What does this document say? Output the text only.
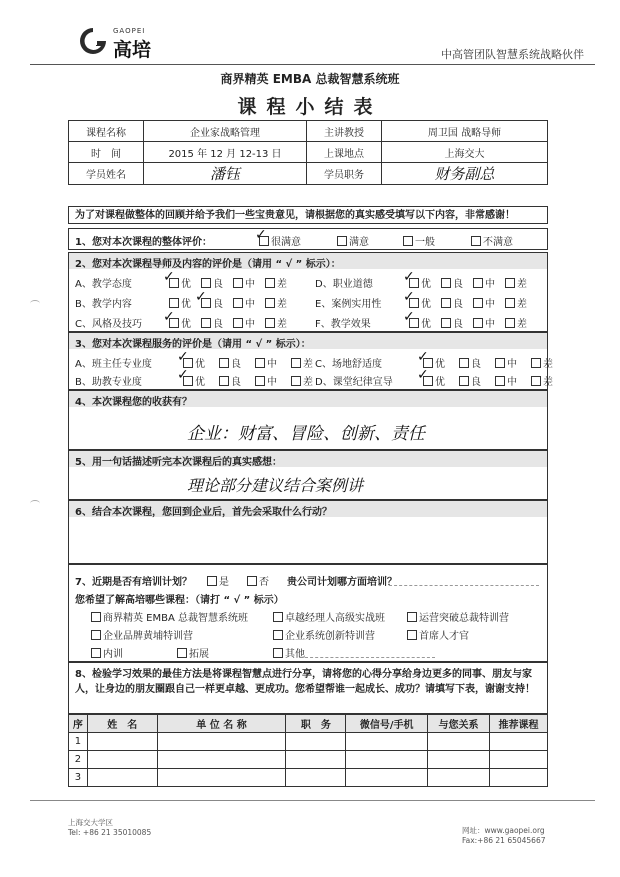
GAOPEI
高培	中高管团队智慧系统战略伙伴
商界精英 EMBA 总裁智慧系统班
课程小结表
课程名称	企业家战略管理	主讲教授	周卫国 战略导师
时　间	2015 年 12 月 12-13 日	上课地点	上海交大
学员姓名	潘钰	学员职务	财务副总
为了对课程做整体的回顾并给予我们一些宝贵意见，请根据您的真实感受填写以下内容，非常感谢！
1、您对本次课程的整体评价：	很满意	满意	一般	不满意
✓
2、您对本次课程导师及内容的评价是（请用 “ √ ” 标示）：
A、教学态度	优	良	中	差
✓
B、教学内容	优	良	中	差
✓
C、风格及技巧	优	良	中	差
✓
D、职业道德	优	良	中	差
✓
E、案例实用性	优	良	中	差
✓
F、教学效果	优	良	中	差
✓
3、您对本次课程服务的评价是（请用 “ √ ” 标示）：
A、班主任专业度	优	良	中	差
✓
B、助教专业度	优	良	中	差
✓
C、场地舒适度	优	良	中	差
✓
D、课堂纪律宣导	优	良	中	差
✓
4、本次课程您的收获有？
企业：财富、冒险、创新、责任
5、用一句话描述听完本次课程后的真实感想：
理论部分建议结合案例讲
6、结合本次课程，您回到企业后，首先会采取什么行动？
7、近期是否有培训计划？	是	否 贵公司计划哪方面培训？
您希望了解高培哪些课程：（请打 “ √ ” 标示）
商界精英 EMBA 总裁智慧系统班	卓越经理人高级实战班	运营突破总裁特训营
企业品牌黄埔特训营	企业系统创新特训营	首席人才官
内训	拓展	其他
8、检验学习效果的最佳方法是将课程智慧点进行分享，请将您的心得分享给身边更多的同事、朋友与家人，让身边的朋友圈跟自己一样更卓越、更成功。您希望帮谁一起成长、成功？请填写下表，谢谢支持！
序	姓　名	单 位 名 称	职　务	微信号/手机	与您关系	推荐课程
1						
2						
3						
上海交大学区
Tel: +86 21 35010085	网址：www.gaopei.org
Fax:+86 21 65045667
